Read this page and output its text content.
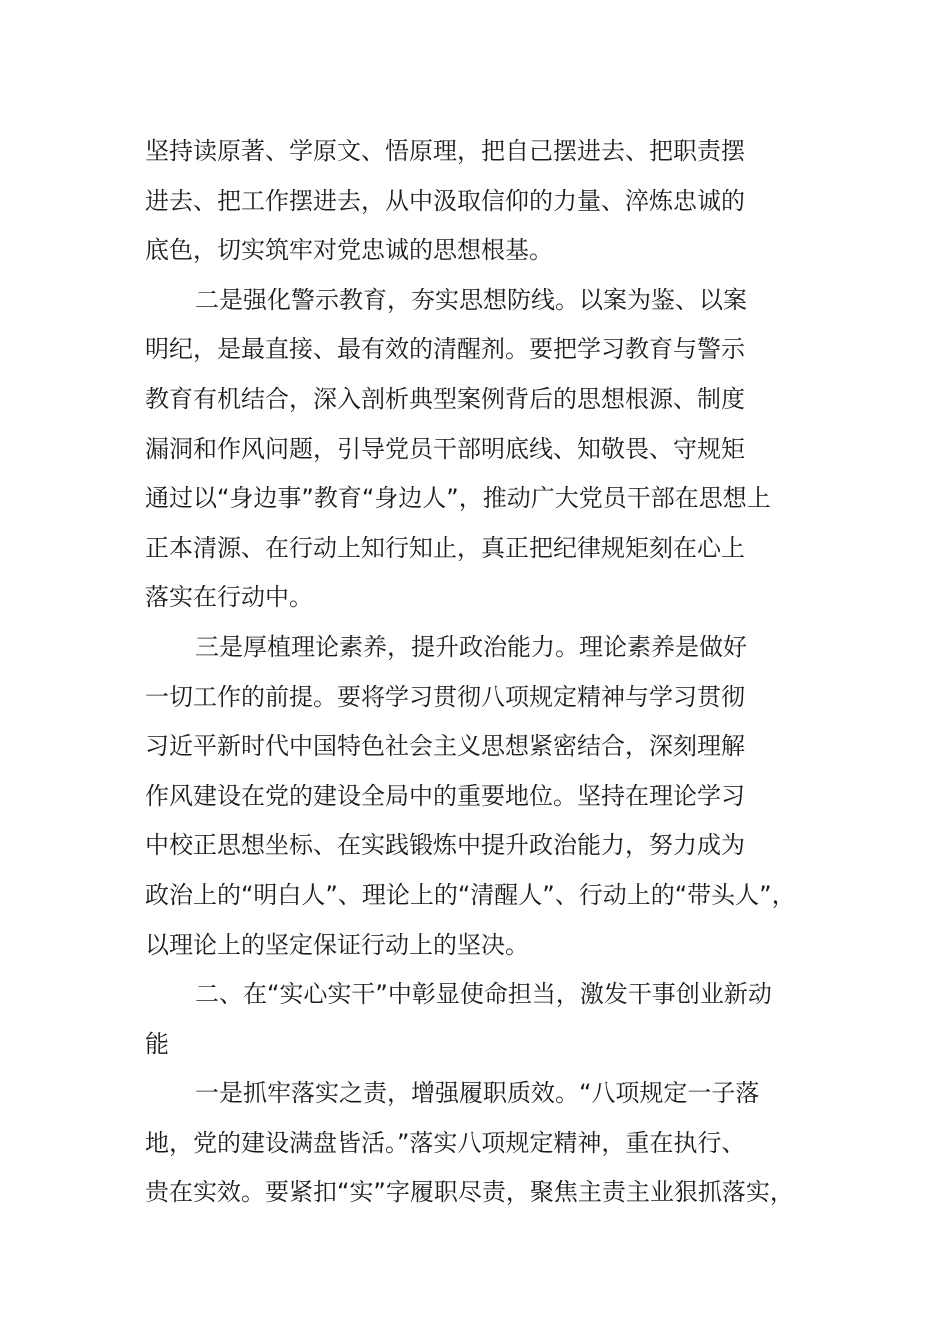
坚持读原著、学原文、悟原理，把自己摆进去、把职责摆
进去、把工作摆进去，从中汲取信仰的力量、淬炼忠诚的
底色，切实筑牢对党忠诚的思想根基。
二是强化警示教育，夯实思想防线。以案为鉴、以案
明纪，是最直接、最有效的清醒剂。要把学习教育与警示
教育有机结合，深入剖析典型案例背后的思想根源、制度
漏洞和作风问题，引导党员干部明底线、知敬畏、守规矩
通过以“身边事”教育“身边人”，推动广大党员干部在思想上
正本清源、在行动上知行知止，真正把纪律规矩刻在心上
落实在行动中。
三是厚植理论素养，提升政治能力。理论素养是做好
一切工作的前提。要将学习贯彻八项规定精神与学习贯彻
习近平新时代中国特色社会主义思想紧密结合，深刻理解
作风建设在党的建设全局中的重要地位。坚持在理论学习
中校正思想坐标、在实践锻炼中提升政治能力，努力成为
政治上的“明白人”、理论上的“清醒人”、行动上的“带头人”，
以理论上的坚定保证行动上的坚决。
二、在“实心实干”中彰显使命担当，激发干事创业新动
能
一是抓牢落实之责，增强履职质效。“八项规定一子落
地，党的建设满盘皆活。”落实八项规定精神，重在执行、
贵在实效。要紧扣“实”字履职尽责，聚焦主责主业狠抓落实，
